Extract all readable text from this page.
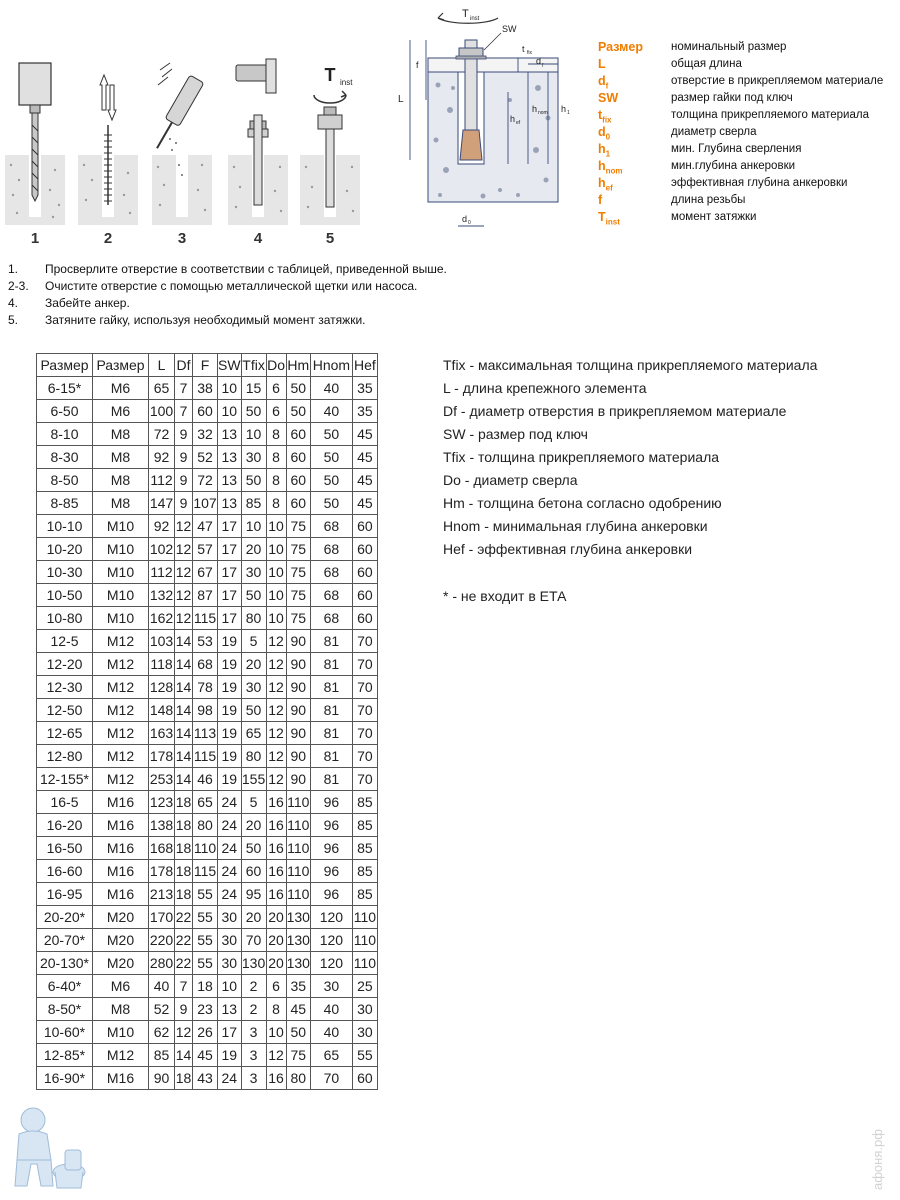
1	2	3	4
T inst
5
T inst
SW
L
f
t fix
d f
h ef
h nom h 1
d 0
Размер номинальный размер
L	общая длина
$d_f$	отверстие в прикрепляемом материале
SW	размер гайки под ключ
$t_{fix}$	толщина прикрепляемого материала
$d_0$	диаметр сверла
$h_1$	мин. Глубина сверления
$h_{nom}$	мин.глубина анкеровки
$h_{ef}$	эффективная глубина анкеровки
f	длина резьбы
$T_{inst}$	момент затяжки
1. Просверлите отверстие в соответствии с таблицей, приведенной выше.
2-3. Очистите отверстие с помощью металлической щетки или насоса.
4. Забейте анкер.
5. Затяните гайку, используя необходимый момент затяжки.
Размер	Размер	L	Df	F	SW	Tfix	Do	Hm	Hnom	Hef
6-15*	M6	65	7	38	10	15	6	50	40	35
6-50	M6	100	7	60	10	50	6	50	40	35
8-10	M8	72	9	32	13	10	8	60	50	45
8-30	M8	92	9	52	13	30	8	60	50	45
8-50	M8	112	9	72	13	50	8	60	50	45
8-85	M8	147	9	107	13	85	8	60	50	45
10-10	M10	92	12	47	17	10	10	75	68	60
10-20	M10	102	12	57	17	20	10	75	68	60
10-30	M10	112	12	67	17	30	10	75	68	60
10-50	M10	132	12	87	17	50	10	75	68	60
10-80	M10	162	12	115	17	80	10	75	68	60
12-5	M12	103	14	53	19	5	12	90	81	70
12-20	M12	118	14	68	19	20	12	90	81	70
12-30	M12	128	14	78	19	30	12	90	81	70
12-50	M12	148	14	98	19	50	12	90	81	70
12-65	M12	163	14	113	19	65	12	90	81	70
12-80	M12	178	14	115	19	80	12	90	81	70
12-155*	M12	253	14	46	19	155	12	90	81	70
16-5	M16	123	18	65	24	5	16	110	96	85
16-20	M16	138	18	80	24	20	16	110	96	85
16-50	M16	168	18	110	24	50	16	110	96	85
16-60	M16	178	18	115	24	60	16	110	96	85
16-95	M16	213	18	55	24	95	16	110	96	85
20-20*	M20	170	22	55	30	20	20	130	120	110
20-70*	M20	220	22	55	30	70	20	130	120	110
20-130*	M20	280	22	55	30	130	20	130	120	110
6-40*	M6	40	7	18	10	2	6	35	30	25
8-50*	M8	52	9	23	13	2	8	45	40	30
10-60*	M10	62	12	26	17	3	10	50	40	30
12-85*	M12	85	14	45	19	3	12	75	65	55
16-90*	M16	90	18	43	24	3	16	80	70	60
Tfix - максимальная толщина прикрепляемого материала
L - длина крепежного элемента
Df - диаметр отверстия в прикрепляемом материале
SW - размер под ключ
Tfix - толщина прикрепляемого материала
Do - диаметр сверла
Hm - толщина бетона согласно одобрению
Hnom - минимальная глубина анкеровки
Hef - эффективная глубина анкеровки
* - не входит в ЕТА
афоня.рф
